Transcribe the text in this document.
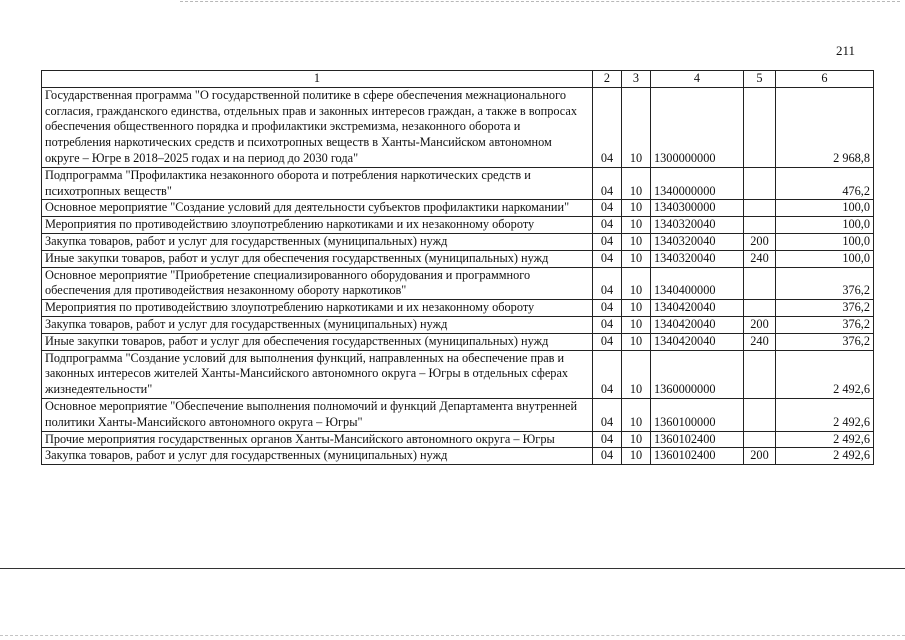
211
1	2	3	4	5	6
Государственная программа "О государственной политике в сфере обеспечения межнационального согласия, гражданского единства, отдельных прав и законных интересов граждан, а также в вопросах обеспечения общественного порядка и профилактики экстремизма, незаконного оборота и потребления наркотических средств и психотропных веществ в Ханты-Мансийском автономном округе – Югре в 2018–2025 годах и на период до 2030 года"	04	10	1300000000		2 968,8
Подпрограмма "Профилактика незаконного оборота и потребления наркотических средств и психотропных веществ"	04	10	1340000000		476,2
Основное мероприятие "Создание условий для деятельности субъектов профилактики наркомании"	04	10	1340300000		100,0
Мероприятия по противодействию злоупотреблению наркотиками и их незаконному обороту	04	10	1340320040		100,0
Закупка товаров, работ и услуг для государственных (муниципальных) нужд	04	10	1340320040	200	100,0
Иные закупки товаров, работ и услуг для обеспечения государственных (муниципальных) нужд	04	10	1340320040	240	100,0
Основное мероприятие "Приобретение специализированного оборудования и программного обеспечения для противодействия незаконному обороту наркотиков"	04	10	1340400000		376,2
Мероприятия по противодействию злоупотреблению наркотиками и их незаконному обороту	04	10	1340420040		376,2
Закупка товаров, работ и услуг для государственных (муниципальных) нужд	04	10	1340420040	200	376,2
Иные закупки товаров, работ и услуг для обеспечения государственных (муниципальных) нужд	04	10	1340420040	240	376,2
Подпрограмма "Создание условий для выполнения функций, направленных на обеспечение прав и законных интересов жителей Ханты-Мансийского автономного округа – Югры в отдельных сферах жизнедеятельности"	04	10	1360000000		2 492,6
Основное мероприятие "Обеспечение выполнения полномочий и функций Департамента внутренней политики Ханты-Мансийского автономного округа – Югры"	04	10	1360100000		2 492,6
Прочие мероприятия государственных органов Ханты-Мансийского автономного округа – Югры	04	10	1360102400		2 492,6
Закупка товаров, работ и услуг для государственных (муниципальных) нужд	04	10	1360102400	200	2 492,6
